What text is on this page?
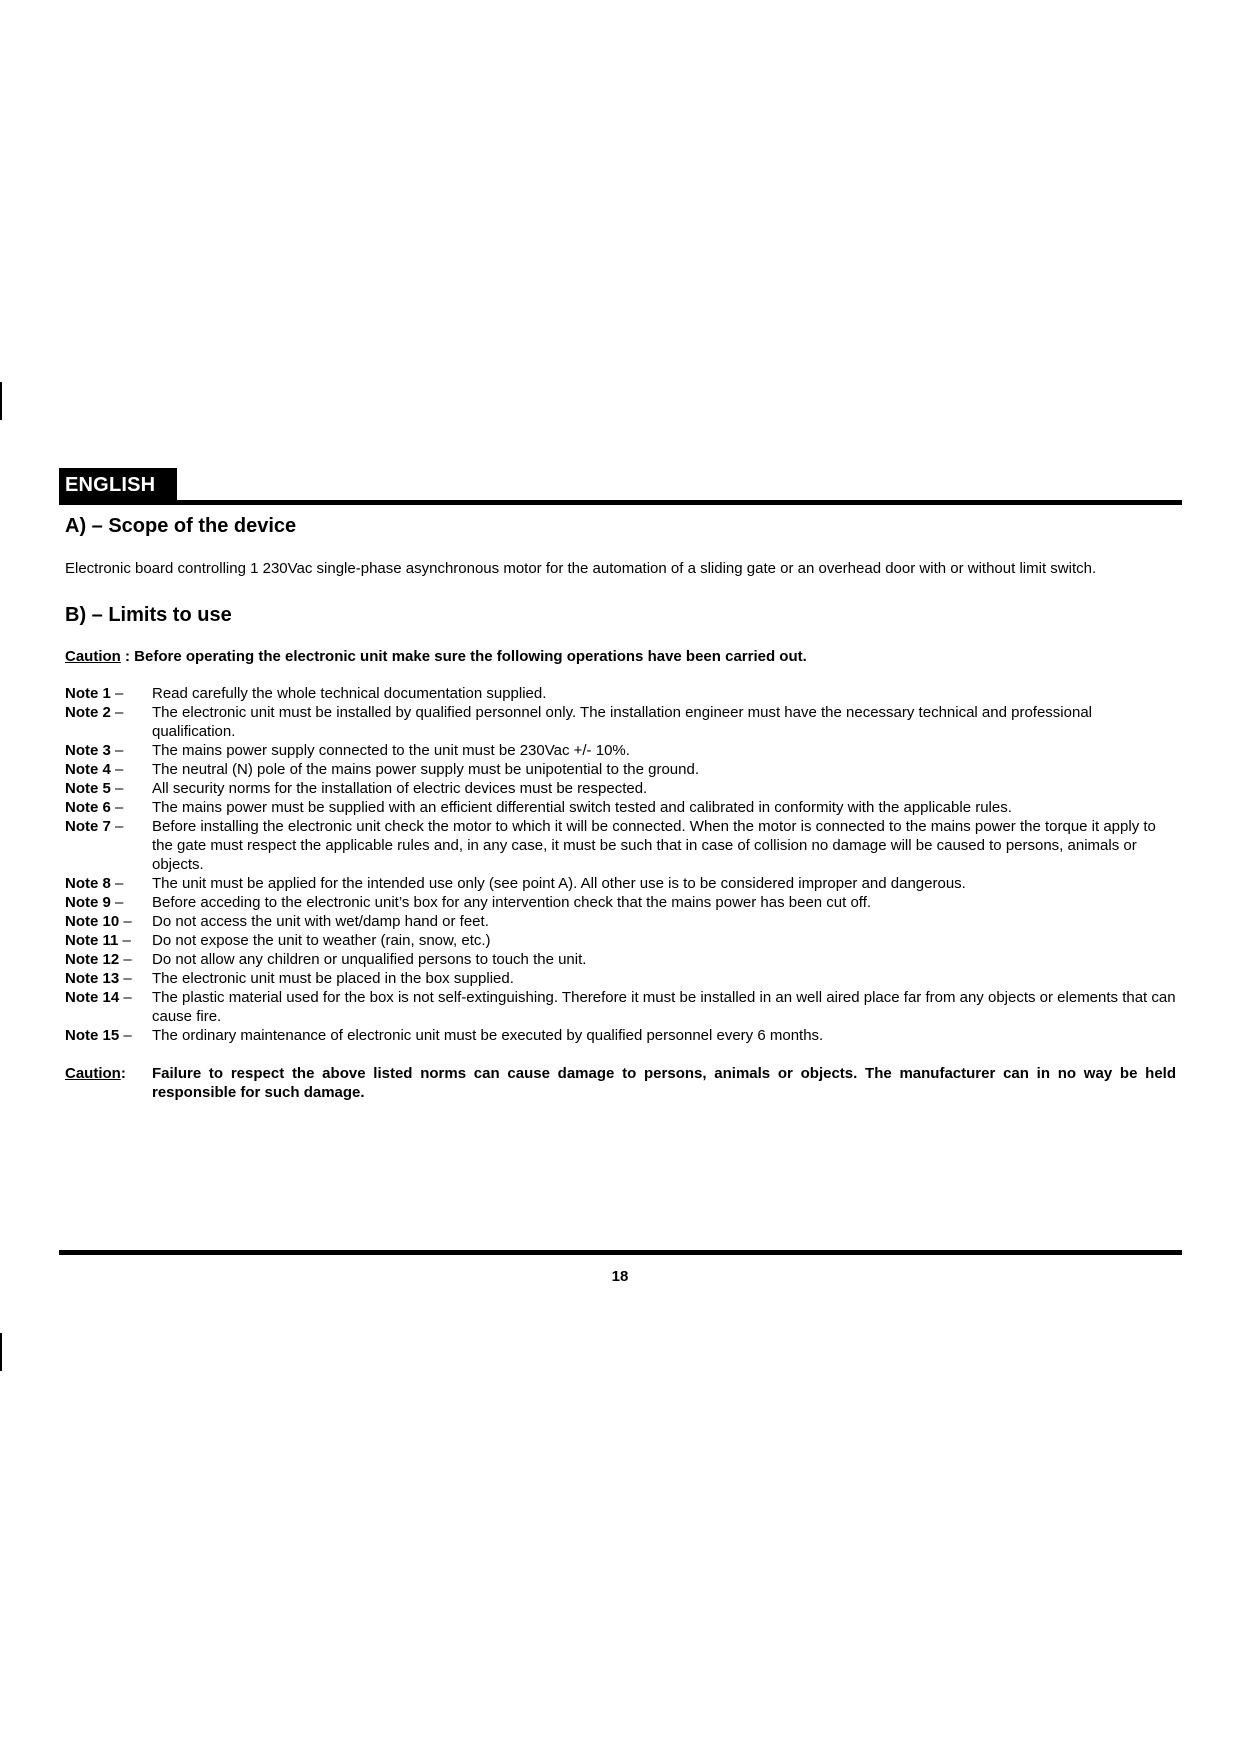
ENGLISH
A) – Scope of the device

Electronic board controlling 1 230Vac single-phase asynchronous motor for the automation of a sliding gate or an overhead door with or without limit switch.

B) – Limits to use

Caution : Before operating the electronic unit make sure the following operations have been carried out.

Note 1 –	Read carefully the whole technical documentation supplied.
Note 2 –	The electronic unit must be installed by qualified personnel only. The installation engineer must have the necessary technical and professional qualification.
Note 3 –	The mains power supply connected to the unit must be 230Vac +/- 10%.
Note 4 –	The neutral (N) pole of the mains power supply must be unipotential to the ground.
Note 5 –	All security norms for the installation of electric devices must be respected.
Note 6 –	The mains power must be supplied with an efficient differential switch tested and calibrated in conformity with the applicable rules.
Note 7 –	Before installing the electronic unit check the motor to which it will be connected. When the motor is connected to the mains power the torque it apply to the gate must respect the applicable rules and, in any case, it must be such that in case of collision no damage will be caused to persons, animals or objects.
Note 8 –	The unit must be applied for the intended use only (see point A). All other use is to be considered improper and dangerous.
Note 9 –	Before acceding to the electronic unit’s box for any intervention check that the mains power has been cut off.
Note 10 –	Do not access the unit with wet/damp hand or feet.
Note 11 –	Do not expose the unit to weather (rain, snow, etc.)
Note 12 –	Do not allow any children or unqualified persons to touch the unit.
Note 13 –	The electronic unit must be placed in the box supplied.
Note 14 –	The plastic material used for the box is not self-extinguishing. Therefore it must be installed in an well aired place far from any objects or elements that can cause fire.
Note 15 –	The ordinary maintenance of electronic unit must be executed by qualified personnel every 6 months.
Caution:	Failure to respect the above listed norms can cause damage to persons, animals or objects. The manufacturer can in no way be held responsible for such damage.
18
